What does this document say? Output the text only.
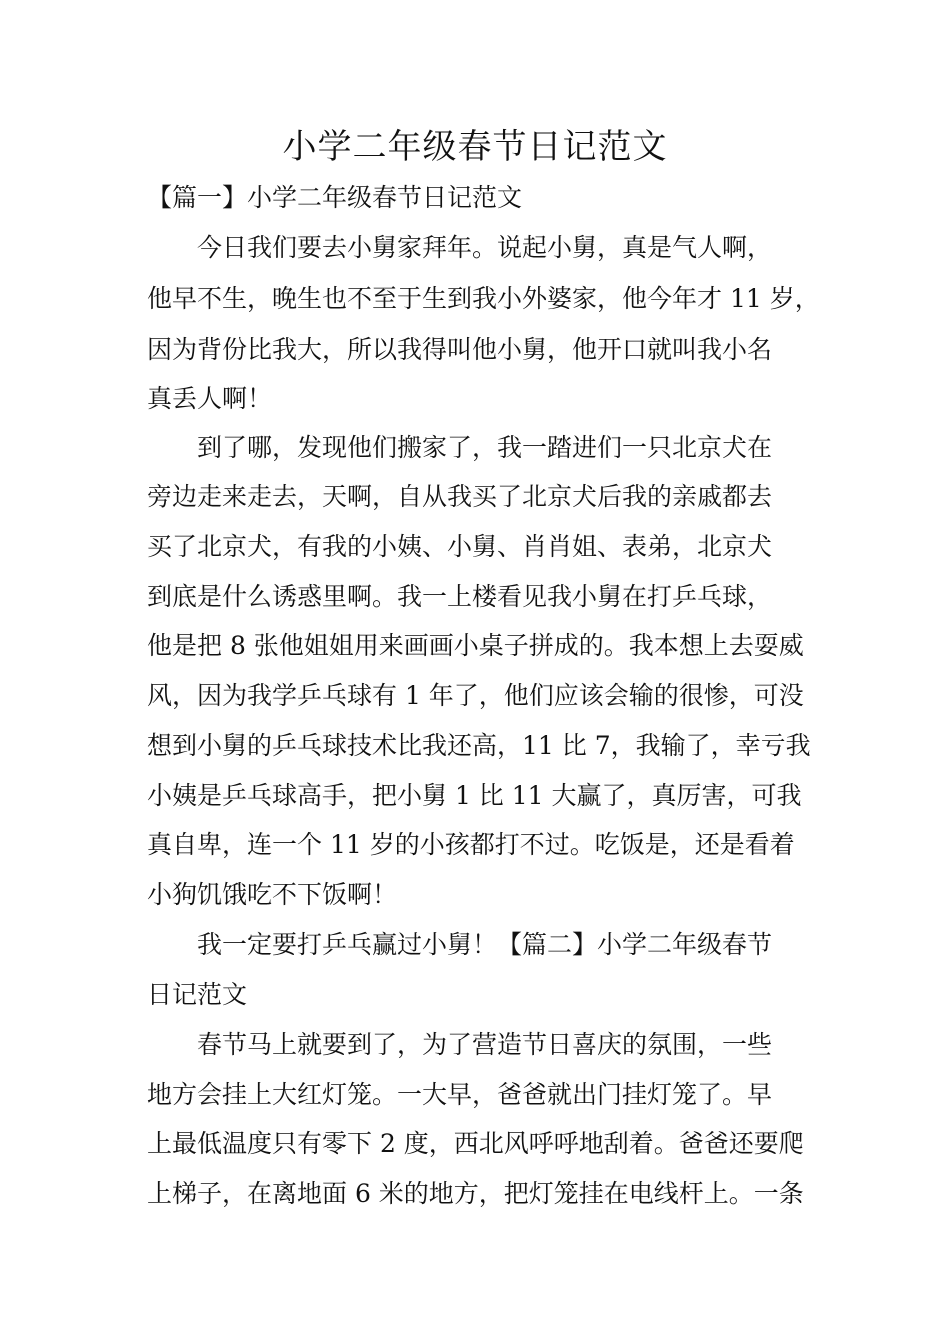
小学二年级春节日记范文

【篇一】小学二年级春节日记范文

今日我们要去小舅家拜年。说起小舅，真是气人啊，

他早不生，晚生也不至于生到我小外婆家，他今年才 11 岁，

因为背份比我大，所以我得叫他小舅，他开口就叫我小名

真丢人啊！

到了哪，发现他们搬家了，我一踏进们一只北京犬在

旁边走来走去，天啊，自从我买了北京犬后我的亲戚都去

买了北京犬，有我的小姨、小舅、肖肖姐、表弟，北京犬

到底是什么诱惑里啊。我一上楼看见我小舅在打乒乓球，

他是把 8 张他姐姐用来画画小桌子拼成的。我本想上去耍威

风，因为我学乒乓球有 1 年了，他们应该会输的很惨，可没

想到小舅的乒乓球技术比我还高，11 比 7，我输了，幸亏我

小姨是乒乓球高手，把小舅 1 比 11 大赢了，真厉害，可我

真自卑，连一个 11 岁的小孩都打不过。吃饭是，还是看着

小狗饥饿吃不下饭啊！

我一定要打乒乓赢过小舅！【篇二】小学二年级春节

日记范文

春节马上就要到了，为了营造节日喜庆的氛围，一些

地方会挂上大红灯笼。一大早，爸爸就出门挂灯笼了。早

上最低温度只有零下 2 度，西北风呼呼地刮着。爸爸还要爬

上梯子，在离地面 6 米的地方，把灯笼挂在电线杆上。一条
